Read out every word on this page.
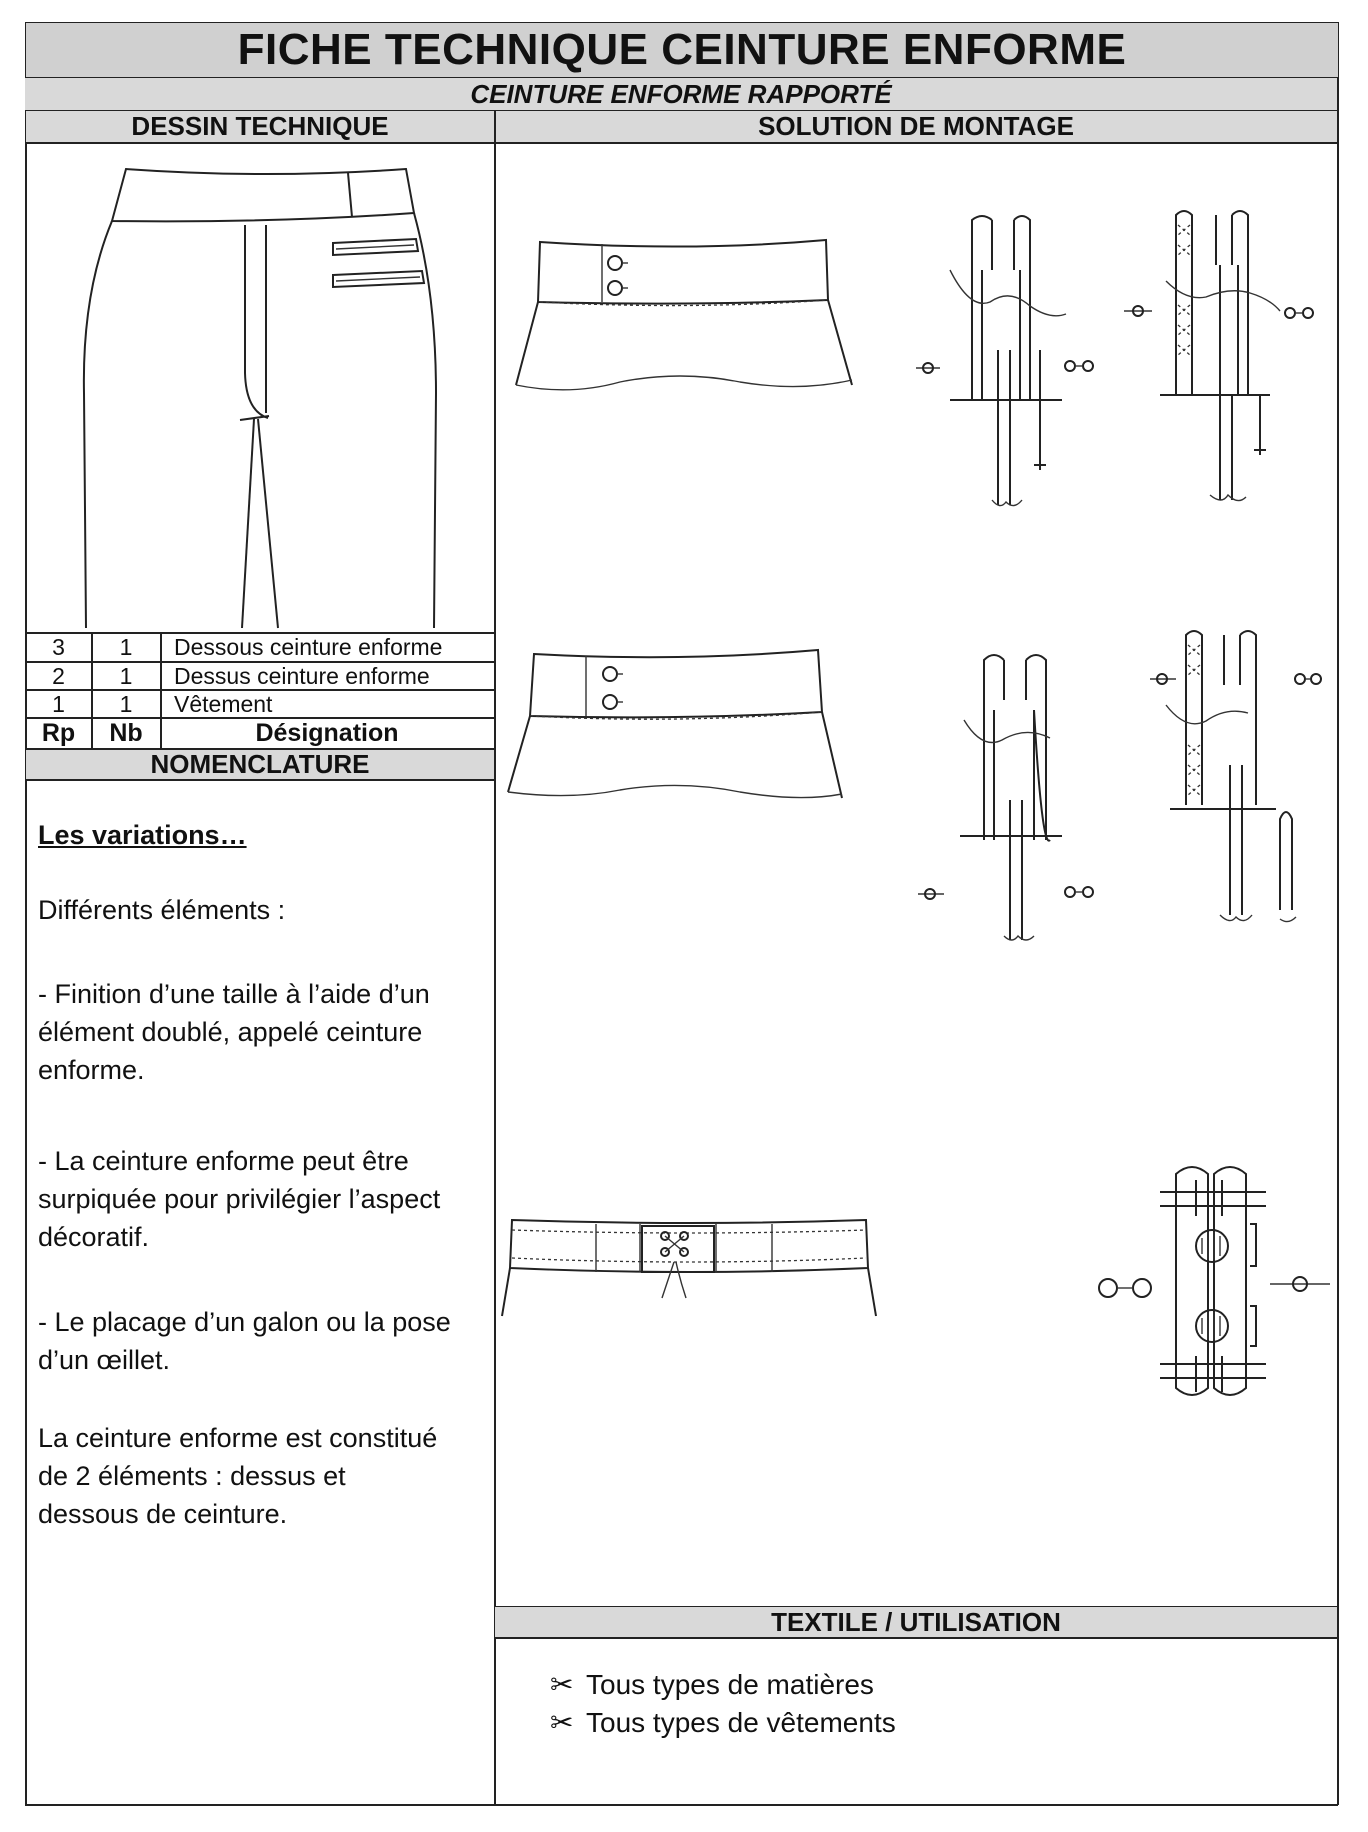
FICHE TECHNIQUE CEINTURE ENFORME
CEINTURE ENFORME RAPPORTÉ
DESSIN TECHNIQUE	SOLUTION DE MONTAGE
3	1	Dessous ceinture enforme
2	1	Dessus ceinture enforme
1	1	Vêtement
Rp	Nb	Désignation
NOMENCLATURE
Les variations…
Différents éléments :
- Finition d’une taille à l’aide d’un
élément doublé, appelé ceinture
enforme.
- La ceinture enforme peut être
surpiquée pour privilégier l’aspect
décoratif.
- Le placage d’un galon ou la pose
d’un œillet.
La ceinture enforme est constitué
de 2 éléments : dessus et
dessous de ceinture.
TEXTILE / UTILISATION
✂ Tous types de matières
✂ Tous types de vêtements
